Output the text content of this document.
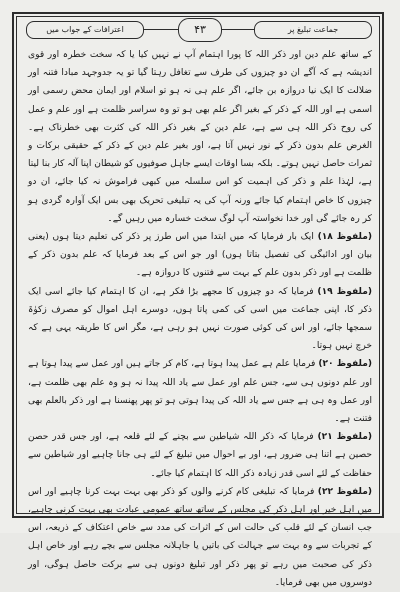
اعترافات کے جواب میں	۴۳	جماعت تبلیغ پر

کے ساتھ علم دین اور ذکر اللہ کا پورا اہتمام آپ نے نہیں کیا یا کہ سخت خطرہ اور قوی اندیشہ ہے کہ آگے ان دو چیزوں کی طرف سے تغافل رہتا گیا تو یہ جدوجہد مبادا فتنہ اور ضلالت کا ایک نیا دروازہ بن جائے، اگر علم ہی نہ ہو تو اسلام اور ایمان محض رسمی اور اسمی ہے اور اللہ کے ذکر کے بغیر اگر علم بھی ہو تو وہ سراسر ظلمت ہے اور علم و عمل کی روح ذکر اللہ ہی سے ہے، علم دین کے بغیر ذکر اللہ کی کثرت بھی خطرناک ہے۔ الغرض علم بدون ذکر کے نور نہیں آتا ہے، اور بغیر علم دین کے ذکر کے حقیقی برکات و ثمرات حاصل نہیں ہوتے۔ بلکہ بسا اوقات ایسے جاہل صوفیوں کو شیطان اپنا آلہ کار بنا لیتا ہے، لہٰذا علم و ذکر کی اہمیت کو اس سلسلہ میں کبھی فراموش نہ کیا جائے، ان دو چیزوں کا خاص اہتمام کیا جائے ورنہ آپ کی یہ تبلیغی تحریک بھی بس ایک آوارہ گردی ہو کر رہ جائے گی اور خدا نخواستہ آپ لوگ سخت خسارہ میں رہیں گے۔

(ملفوظ ۱۸) ایک بار فرمایا کہ میں ابتدا میں اس طرز پر ذکر کی تعلیم دیتا ہوں (یعنی بیان اور ادائیگی کی تفصیل بتاتا ہوں) اور جو اس کے بعد فرمایا کہ علم بدون ذکر کے ظلمت ہے اور ذکر بدون علم کے بہت سے فتنوں کا دروازہ ہے۔

(ملفوظ ۱۹) فرمایا کہ دو چیزوں کا مجھے بڑا فکر ہے، ان کا اہتمام کیا جائے اسی ایک ذکر کا، اپنی جماعت میں اسی کی کمی پاتا ہوں، دوسرے اہل اموال کو مصرف زکوٰۃ سمجھا جائے، اور اس کی کوئی صورت نہیں ہو رہی ہے، مگر اس کا طریقہ یہی ہے کہ خرچ نہیں ہوتا۔

(ملفوظ ۲۰) فرمایا علم ہے عمل پیدا ہوتا ہے، کام کر جاتے ہیں اور عمل سے پیدا ہوتا ہے اور علم دونوں ہی سے، جس علم اور عمل سے یاد اللہ پیدا نہ ہو وہ علم بھی ظلمت ہے، اور عمل وہ ہی ہے جس سے یاد اللہ کی پیدا ہوتی ہو تو پھر پھنسنا ہے اور ذکر بالعلم بھی فتنت ہے۔

(ملفوظ ۲۱) فرمایا کہ ذکر اللہ شیاطین سے بچنے کے لئے قلعہ ہے، اور جس قدر حصن حصین ہے اتنا ہی ضرور ہے، اور بے احوال میں تبلیغ کے لئے ہی جانا چاہیے اور شیاطین سے حفاظت کے لئے اسی قدر زیادہ ذکر اللہ کا اہتمام کیا جائے۔

(ملفوظ ۲۲) فرمایا کہ تبلیغی کام کرنے والوں کو ذکر بھی بہت بہت کرنا چاہیے اور اس میں اہل خیر اور اہل ذکر کی مجلس کے ساتھ ساتھ عمومی عبادت بھی بہت کرنی چاہیے، جب انسان کے لئے قلب کی حالت اس کے اثرات کی مدد سے خاص اعتکاف کے ذریعہ، اس کے تجربات سے وہ بہت سے جہالت کی باتیں یا جاہلانہ مجلس سے بچے رہے اور خاص اہل ذکر کی صحبت میں رہے تو پھر ذکر اور تبلیغ دونوں ہی سے برکت حاصل ہوگی، اور دوسروں میں بھی فرمایا۔
